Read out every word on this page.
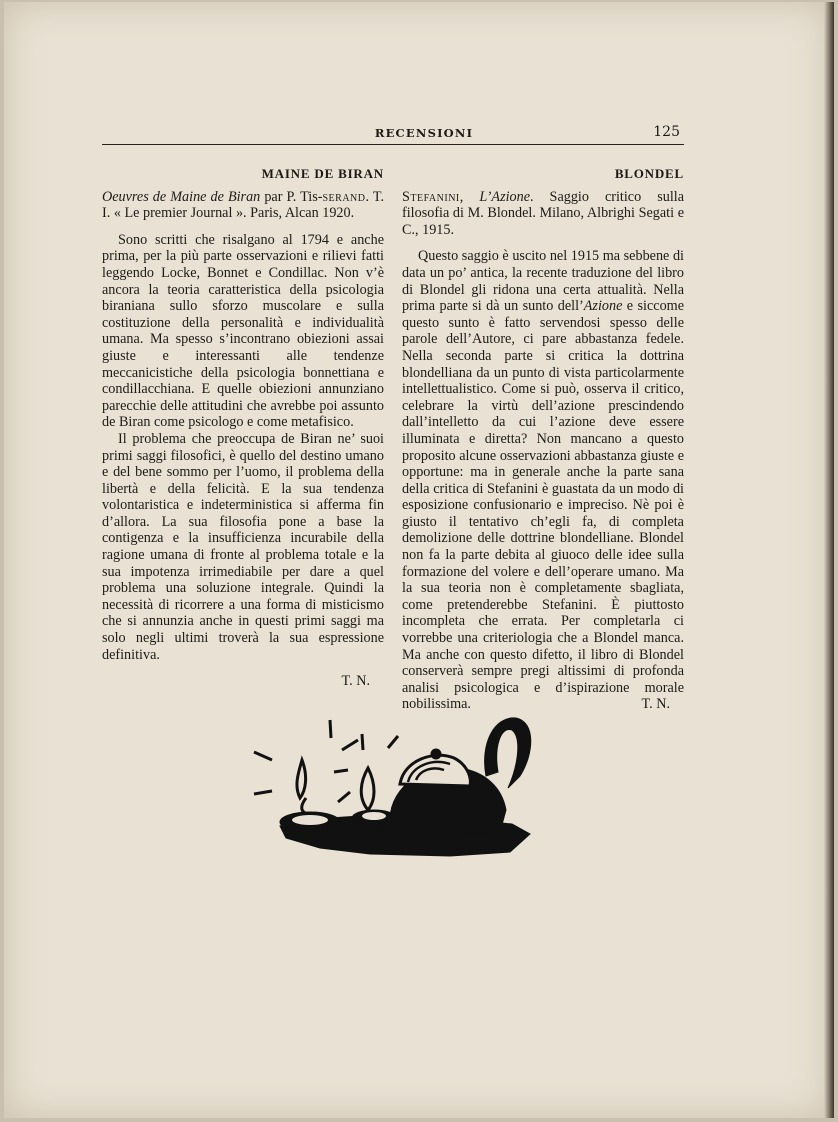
RECENSIONI	125
MAINE DE BIRAN

Oeuvres de Maine de Biran par P. Tis-serand. T. I. « Le premier Journal ». Paris, Alcan 1920.

Sono scritti che risalgano al 1794 e anche prima, per la più parte osservazioni e rilievi fatti leggendo Locke, Bonnet e Condillac. Non v’è ancora la teoria caratteristica della psicologia biraniana sullo sforzo muscolare e sulla costituzione della personalità e individualità umana. Ma spesso s’incontrano obiezioni assai giuste e interessanti alle tendenze meccanicistiche della psicologia bonnettiana e condillacchiana. E quelle obiezioni annunziano parecchie delle attitudini che avrebbe poi assunto de Biran come psicologo e come metafisico.

Il problema che preoccupa de Biran ne’ suoi primi saggi filosofici, è quello del destino umano e del bene sommo per l’uomo, il problema della libertà e della felicità. E la sua tendenza volontaristica e indeterministica si afferma fin d’allora. La sua filosofia pone a base la contigenza e la insufficienza incurabile della ragione umana di fronte al problema totale e la sua impotenza irrimediabile per dare a quel problema una soluzione integrale. Quindi la necessità di ricorrere a una forma di misticismo che si annunzia anche in questi primi saggi ma solo negli ultimi troverà la sua espressione definitiva.

T. N.
BLONDEL

Stefanini, L’Azione. Saggio critico sulla filosofia di M. Blondel. Milano, Albrighi Segati e C., 1915.

Questo saggio è uscito nel 1915 ma sebbene di data un po’ antica, la recente traduzione del libro di Blondel gli ridona una certa attualità. Nella prima parte si dà un sunto dell’Azione e siccome questo sunto è fatto servendosi spesso delle parole dell’Autore, ci pare abbastanza fedele. Nella seconda parte si critica la dottrina blondelliana da un punto di vista particolarmente intellettualistico. Come si può, osserva il critico, celebrare la virtù dell’azione prescindendo dall’intelletto da cui l’azione deve essere illuminata e diretta? Non mancano a questo proposito alcune osservazioni abbastanza giuste e opportune: ma in generale anche la parte sana della critica di Stefanini è guastata da un modo di esposizione confusionario e impreciso. Nè poi è giusto il tentativo ch’egli fa, di completa demolizione delle dottrine blondelliane. Blondel non fa la parte debita al giuoco delle idee sulla formazione del volere e dell’operare umano. Ma la sua teoria non è completamente sbagliata, come pretenderebbe Stefanini. È piuttosto incompleta che errata. Per completarla ci vorrebbe una criteriologia che a Blondel manca. Ma anche con questo difetto, il libro di Blondel conserverà sempre pregi altissimi di profonda analisi psicologica e d’ispirazione morale nobilissima.	T. N.
